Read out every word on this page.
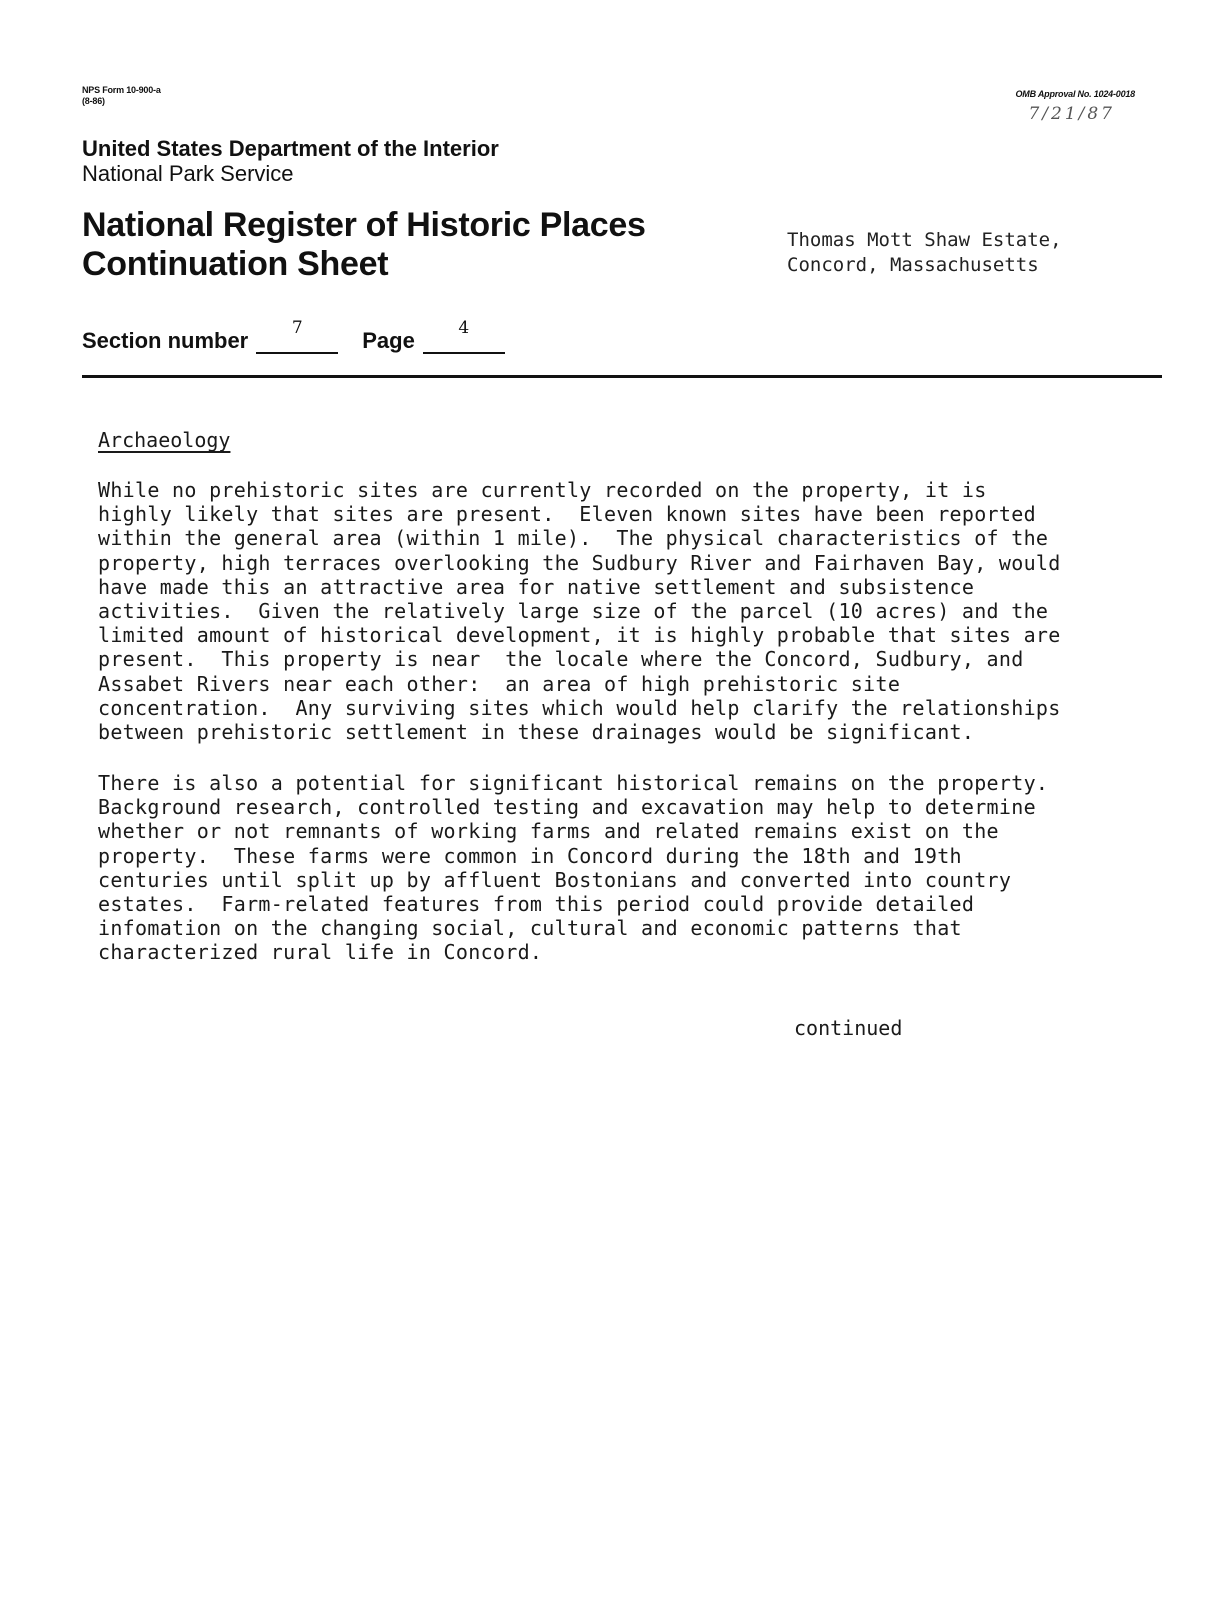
NPS Form 10-900-a
(8-86)
OMB Approval No. 1024-0018
7/21/87
United States Department of the Interior
National Park Service
National Register of Historic Places
Continuation Sheet
Thomas Mott Shaw Estate,
Concord, Massachusetts
Section number	7	Page	4
Archaeology
While no prehistoric sites are currently recorded on the property, it is
highly likely that sites are present.  Eleven known sites have been reported
within the general area (within 1 mile).  The physical characteristics of the
property, high terraces overlooking the Sudbury River and Fairhaven Bay, would
have made this an attractive area for native settlement and subsistence
activities.  Given the relatively large size of the parcel (10 acres) and the
limited amount of historical development, it is highly probable that sites are
present.  This property is near  the locale where the Concord, Sudbury, and
Assabet Rivers near each other:  an area of high prehistoric site
concentration.  Any surviving sites which would help clarify the relationships
between prehistoric settlement in these drainages would be significant.
There is also a potential for significant historical remains on the property.
Background research, controlled testing and excavation may help to determine
whether or not remnants of working farms and related remains exist on the
property.  These farms were common in Concord during the 18th and 19th
centuries until split up by affluent Bostonians and converted into country
estates.  Farm-related features from this period could provide detailed
infomation on the changing social, cultural and economic patterns that
characterized rural life in Concord.
continued
